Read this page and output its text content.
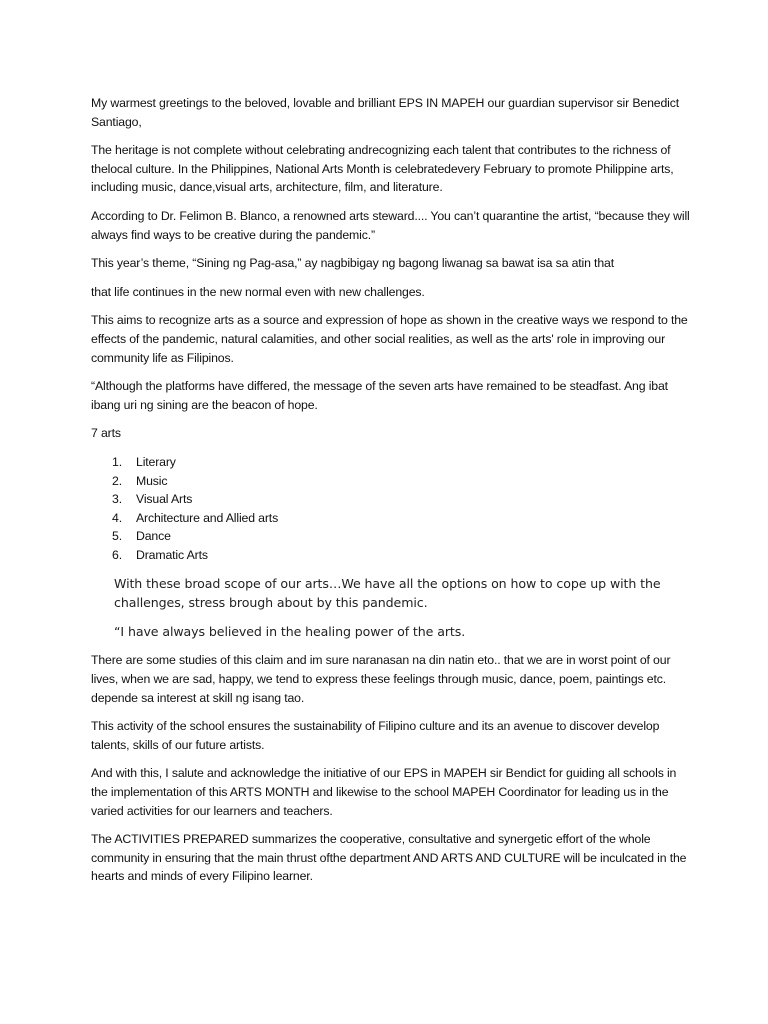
My warmest greetings to the beloved, lovable and brilliant EPS IN MAPEH our guardian supervisor sir Benedict Santiago,

The heritage is not complete without celebrating andrecognizing each talent that contributes to the richness of thelocal culture. In the Philippines, National Arts Month is celebratedevery February to promote Philippine arts, including music, dance,visual arts, architecture, film, and literature.

According to Dr. Felimon B. Blanco, a renowned arts steward.... You can’t quarantine the artist, “because they will always find ways to be creative during the pandemic.”

This year’s theme, “Sining ng Pag-asa,” ay nagbibigay ng bagong liwanag sa bawat isa sa atin that

that life continues in the new normal even with new challenges.

This aims to recognize arts as a source and expression of hope as shown in the creative ways we respond to the effects of the pandemic, natural calamities, and other social realities, as well as the arts' role in improving our community life as Filipinos.

“Although the platforms have differed, the message of the seven arts have remained to be steadfast. Ang ibat ibang uri ng sining are the beacon of hope.

7 arts

1. Literary
2. Music
3. Visual Arts
4. Architecture and Allied arts
5. Dance
6. Dramatic Arts

With these broad scope of our arts…We have all the options on how to cope up with the challenges, stress brough about by this pandemic.

“I have always believed in the healing power of the arts.

There are some studies of this claim and im sure naranasan na din natin eto.. that we are in worst point of our lives, when we are sad, happy, we tend to express these feelings through music, dance, poem, paintings etc. depende sa interest at skill ng isang tao.

This activity of the school ensures the sustainability of Filipino culture and its an avenue to discover develop talents, skills of our future artists.

And with this, I salute and acknowledge the initiative of our EPS in MAPEH sir Bendict for guiding all schools in the implementation of this ARTS MONTH and likewise to the school MAPEH Coordinator for leading us in the varied activities for our learners and teachers.

The ACTIVITIES PREPARED summarizes the cooperative, consultative and synergetic effort of the whole community in ensuring that the main thrust ofthe department AND ARTS AND CULTURE will be inculcated in the hearts and minds of every Filipino learner.
